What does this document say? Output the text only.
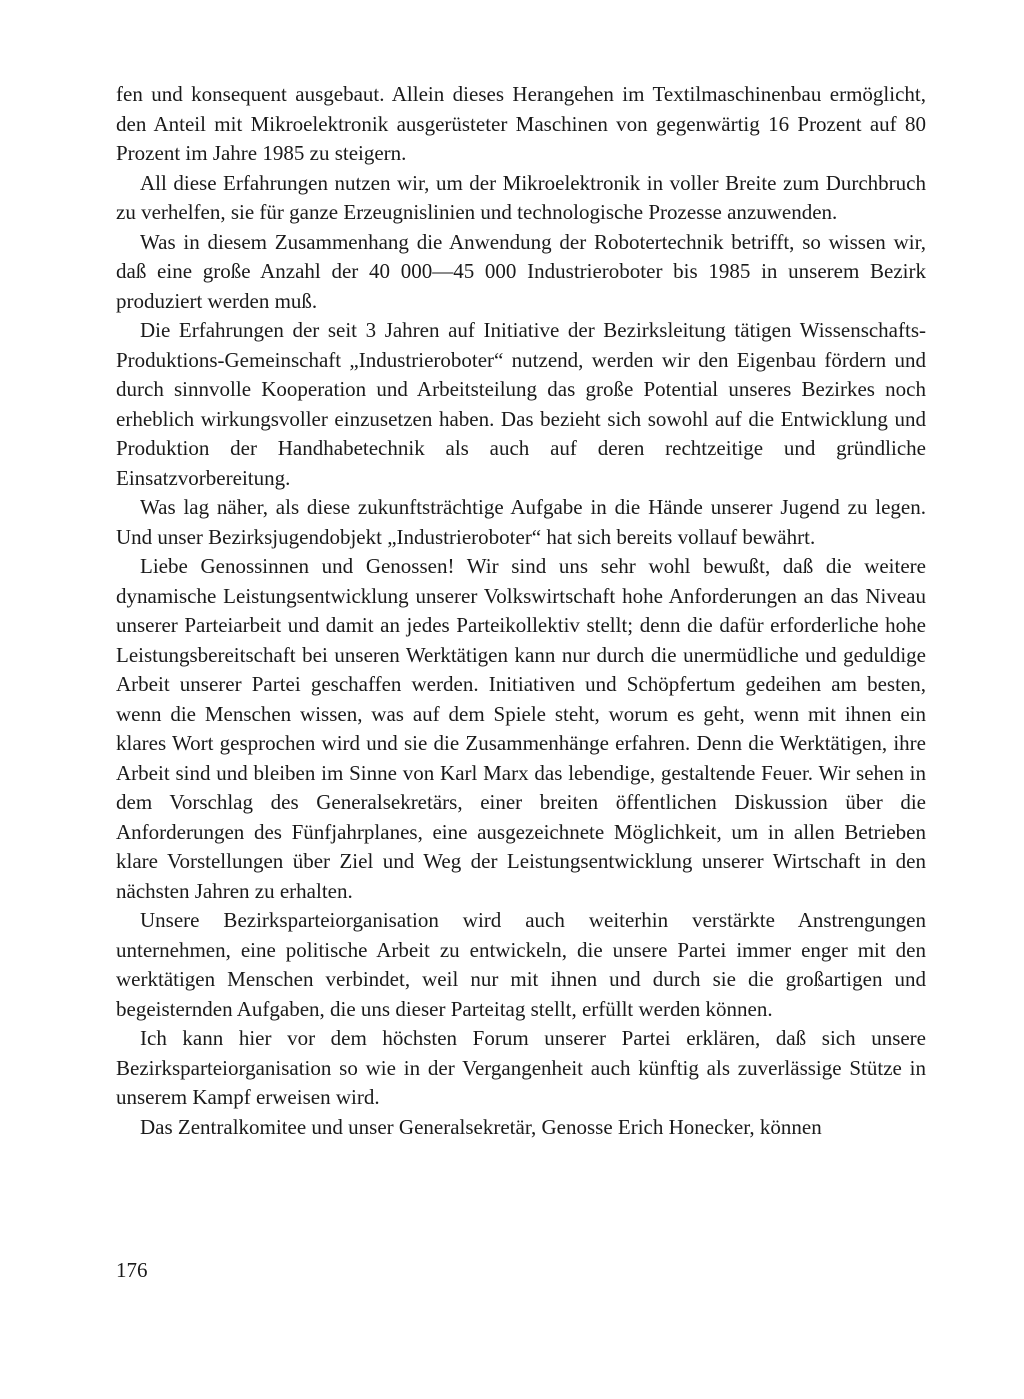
fen und konsequent ausgebaut. Allein dieses Herangehen im Textilmaschinenbau ermöglicht, den Anteil mit Mikroelektronik ausgerüsteter Maschinen von gegenwärtig 16 Prozent auf 80 Prozent im Jahre 1985 zu steigern.

All diese Erfahrungen nutzen wir, um der Mikroelektronik in voller Breite zum Durchbruch zu verhelfen, sie für ganze Erzeugnislinien und technologische Prozesse anzuwenden.

Was in diesem Zusammenhang die Anwendung der Robotertechnik betrifft, so wissen wir, daß eine große Anzahl der 40 000—45 000 Industrieroboter bis 1985 in unserem Bezirk produziert werden muß.

Die Erfahrungen der seit 3 Jahren auf Initiative der Bezirksleitung tätigen Wissenschafts-Produktions-Gemeinschaft „Industrieroboter“ nutzend, werden wir den Eigenbau fördern und durch sinnvolle Kooperation und Arbeitsteilung das große Potential unseres Bezirkes noch erheblich wirkungsvoller einzusetzen haben. Das bezieht sich sowohl auf die Entwicklung und Produktion der Handhabetechnik als auch auf deren rechtzeitige und gründliche Einsatzvorbereitung.

Was lag näher, als diese zukunftsträchtige Aufgabe in die Hände unserer Jugend zu legen. Und unser Bezirksjugendobjekt „Industrieroboter“ hat sich bereits vollauf bewährt.

Liebe Genossinnen und Genossen! Wir sind uns sehr wohl bewußt, daß die weitere dynamische Leistungsentwicklung unserer Volkswirtschaft hohe Anforderungen an das Niveau unserer Parteiarbeit und damit an jedes Parteikollektiv stellt; denn die dafür erforderliche hohe Leistungsbereitschaft bei unseren Werktätigen kann nur durch die unermüdliche und geduldige Arbeit unserer Partei geschaffen werden. Initiativen und Schöpfertum gedeihen am besten, wenn die Menschen wissen, was auf dem Spiele steht, worum es geht, wenn mit ihnen ein klares Wort gesprochen wird und sie die Zusammenhänge erfahren. Denn die Werktätigen, ihre Arbeit sind und bleiben im Sinne von Karl Marx das lebendige, gestaltende Feuer. Wir sehen in dem Vorschlag des Generalsekretärs, einer breiten öffentlichen Diskussion über die Anforderungen des Fünfjahrplanes, eine ausgezeichnete Möglichkeit, um in allen Betrieben klare Vorstellungen über Ziel und Weg der Leistungsentwicklung unserer Wirtschaft in den nächsten Jahren zu erhalten.

Unsere Bezirksparteiorganisation wird auch weiterhin verstärkte Anstrengungen unternehmen, eine politische Arbeit zu entwickeln, die unsere Partei immer enger mit den werktätigen Menschen verbindet, weil nur mit ihnen und durch sie die großartigen und begeisternden Aufgaben, die uns dieser Parteitag stellt, erfüllt werden können.

Ich kann hier vor dem höchsten Forum unserer Partei erklären, daß sich unsere Bezirksparteiorganisation so wie in der Vergangenheit auch künftig als zuverlässige Stütze in unserem Kampf erweisen wird.

Das Zentralkomitee und unser Generalsekretär, Genosse Erich Honecker, können

176
